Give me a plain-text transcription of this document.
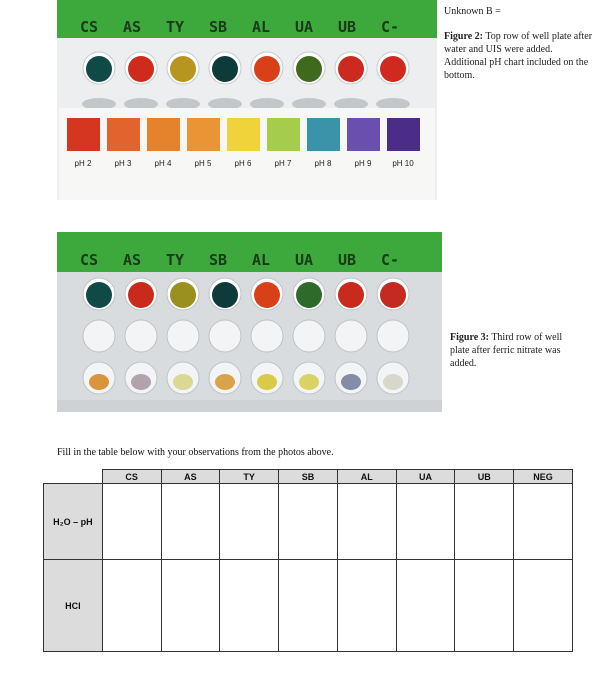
CS AS TY SB AL UA UB C-
pH 2	pH 3	pH 4	pH 5	pH 6	pH 7	pH 8	pH 9	pH 10
Unknown B =
Figure 2: Top row of well plate after water and UIS were added. Additional pH chart included on the bottom.
CS AS TY SB AL UA UB C-
Figure 3: Third row of well plate after ferric nitrate was added.
Fill in the table below with your observations from the photos above.
	CS	AS	TY	SB	AL	UA	UB	NEG
H₂O – pH								
HCl								
